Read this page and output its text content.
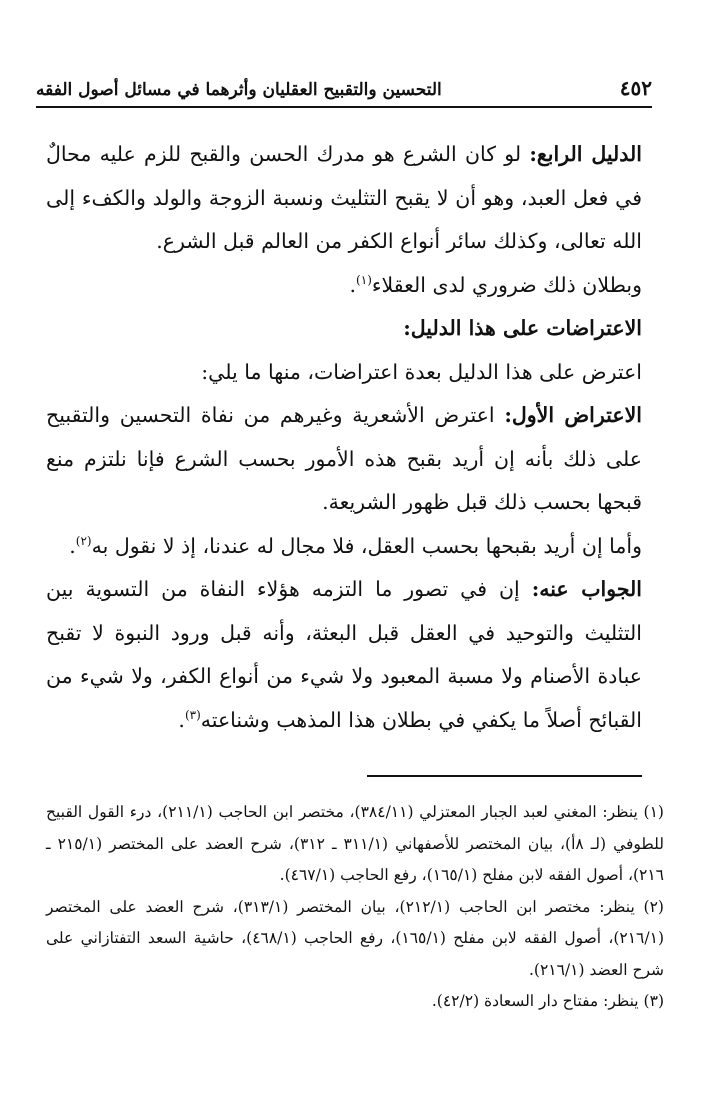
٤٥٢
التحسين والتقبيح العقليان وأثرهما في مسائل أصول الفقه

الدليل الرابع: لو كان الشرع هو مدرك الحسن والقبح للزم عليه محالٌ في فعل العبد، وهو أن لا يقبح التثليث ونسبة الزوجة والولد والكفء إلى الله تعالى، وكذلك سائر أنواع الكفر من العالم قبل الشرع.

وبطلان ذلك ضروري لدى العقلاء$^{(١)}$.

الاعتراضات على هذا الدليل:

اعترض على هذا الدليل بعدة اعتراضات، منها ما يلي:

الاعتراض الأول: اعترض الأشعرية وغيرهم من نفاة التحسين والتقبيح على ذلك بأنه إن أريد بقبح هذه الأمور بحسب الشرع فإنا نلتزم منع قبحها بحسب ذلك قبل ظهور الشريعة.

وأما إن أريد بقبحها بحسب العقل، فلا مجال له عندنا، إذ لا نقول به$^{(٢)}$.

الجواب عنه: إن في تصور ما التزمه هؤلاء النفاة من التسوية بين التثليث والتوحيد في العقل قبل البعثة، وأنه قبل ورود النبوة لا تقبح عبادة الأصنام ولا مسبة المعبود ولا شيء من أنواع الكفر، ولا شيء من القبائح أصلاً ما يكفي في بطلان هذا المذهب وشناعته$^{(٣)}$.

(١) ينظر: المغني لعبد الجبار المعتزلي (٣٨٤/١١)، مختصر ابن الحاجب (٢١١/١)، درء القول القبيح للطوفي (لـ ٨أ)، بيان المختصر للأصفهاني (٣١١/١ ـ ٣١٢)، شرح العضد على المختصر (٢١٥/١ ـ ٢١٦)، أصول الفقه لابن مفلح (١٦٥/١)، رفع الحاجب (٤٦٧/١).

(٢) ينظر: مختصر ابن الحاجب (٢١٢/١)، بيان المختصر (٣١٣/١)، شرح العضد على المختصر (٢١٦/١)، أصول الفقه لابن مفلح (١٦٥/١)، رفع الحاجب (٤٦٨/١)، حاشية السعد التفتازاني على شرح العضد (٢١٦/١).

(٣) ينظر: مفتاح دار السعادة (٤٢/٢).
